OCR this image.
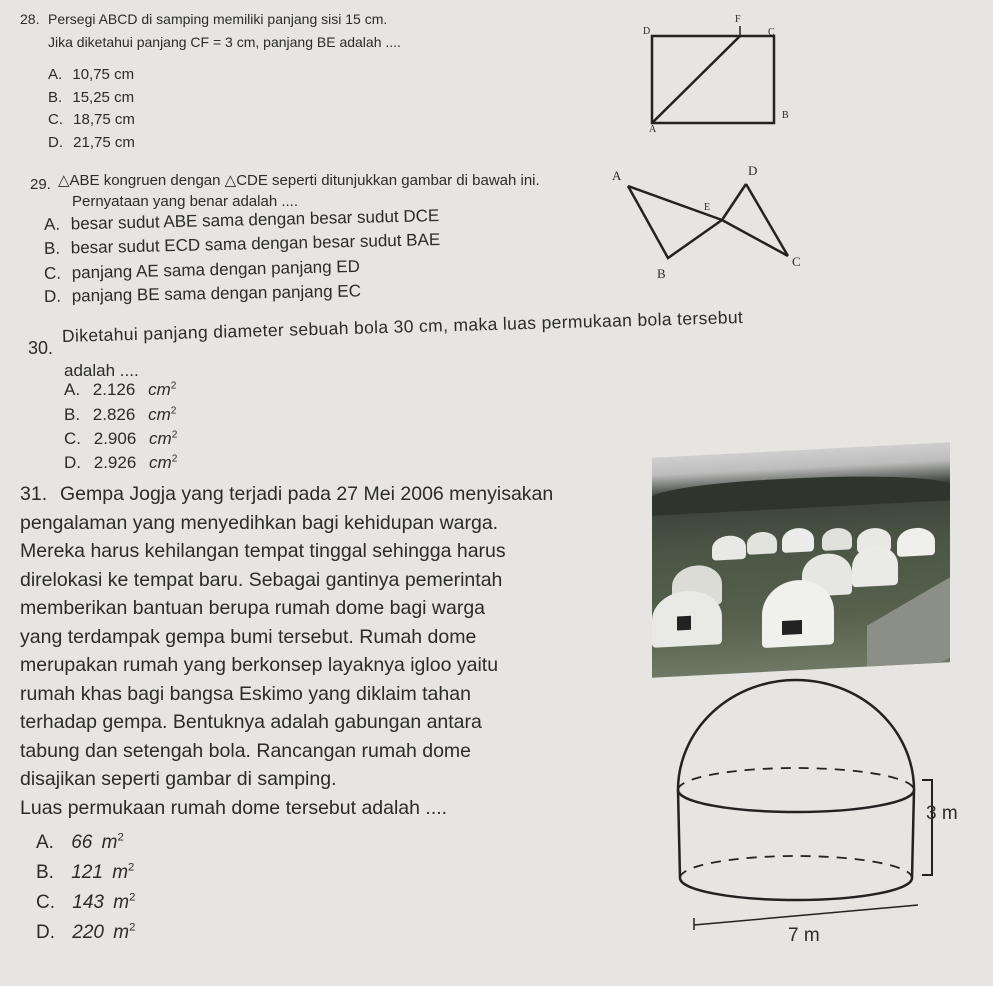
28. Persegi ABCD di samping memiliki panjang sisi 15 cm.
Jika diketahui panjang CF = 3 cm, panjang BE adalah ....
A. 10,75 cm
B. 15,25 cm
C. 18,75 cm
D. 21,75 cm
D
F
C
B
A
29. △ABE kongruen dengan △CDE seperti ditunjukkan gambar di bawah ini.
Pernyataan yang benar adalah ....
A. besar sudut ABE sama dengan besar sudut DCE
B. besar sudut ECD sama dengan besar sudut BAE
C. panjang AE sama dengan panjang ED
D. panjang BE sama dengan panjang EC
A	D
E
B
C
30.
Diketahui panjang diameter sebuah bola 30 cm, maka luas permukaan bola tersebut
adalah ....
A. 2.126 $cm^2$
B. 2.826 $cm^2$
C. 2.906 $cm^2$
D. 2.926 $cm^2$
31. Gempa Jogja yang terjadi pada 27 Mei 2006 menyisakan
pengalaman yang menyedihkan bagi kehidupan warga.
Mereka harus kehilangan tempat tinggal sehingga harus
direlokasi ke tempat baru. Sebagai gantinya pemerintah
memberikan bantuan berupa rumah dome bagi warga
yang terdampak gempa bumi tersebut. Rumah dome
merupakan rumah yang berkonsep layaknya igloo yaitu
rumah khas bagi bangsa Eskimo yang diklaim tahan
terhadap gempa. Bentuknya adalah gabungan antara
tabung dan setengah bola. Rancangan rumah dome
disajikan seperti gambar di samping.
Luas permukaan rumah dome tersebut adalah ....
A. 66 $m^2$
B. 121 $m^2$
C. 143 $m^2$
D. 220 $m^2$
3 m
7 m
